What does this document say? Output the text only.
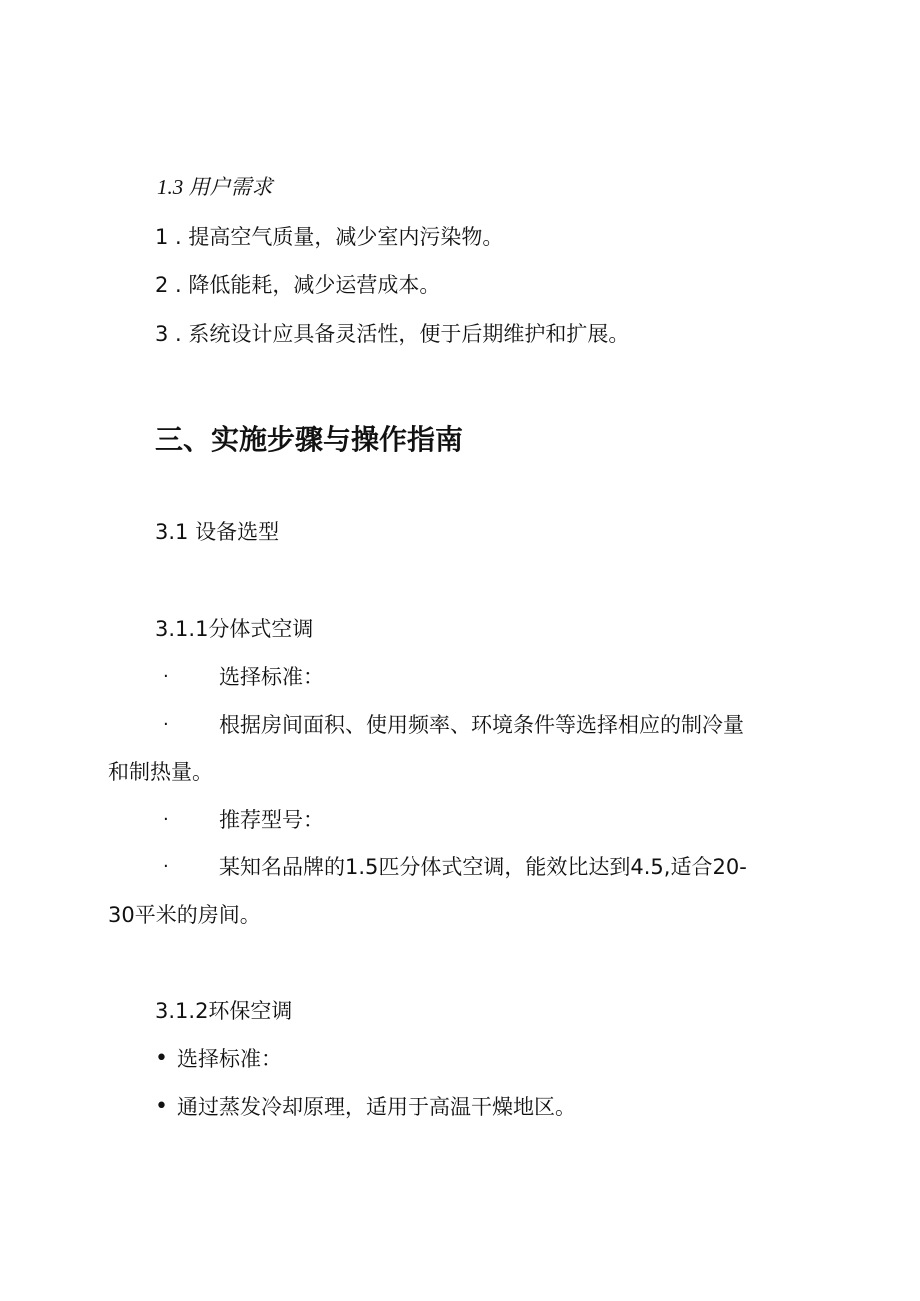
1.3 用户需求
1 . 提高空气质量，减少室内污染物。
2 . 降低能耗，减少运营成本。
3 . 系统设计应具备灵活性，便于后期维护和扩展。
三、实施步骤与操作指南
3.1 设备选型
3.1.1分体式空调
· 选择标准：
· 根据房间面积、使用频率、环境条件等选择相应的制冷量
和制热量。
· 推荐型号：
· 某知名品牌的1.5匹分体式空调，能效比达到4.5,适合20-
30平米的房间。
3.1.2环保空调
• 选择标准：
• 通过蒸发冷却原理，适用于高温干燥地区。
